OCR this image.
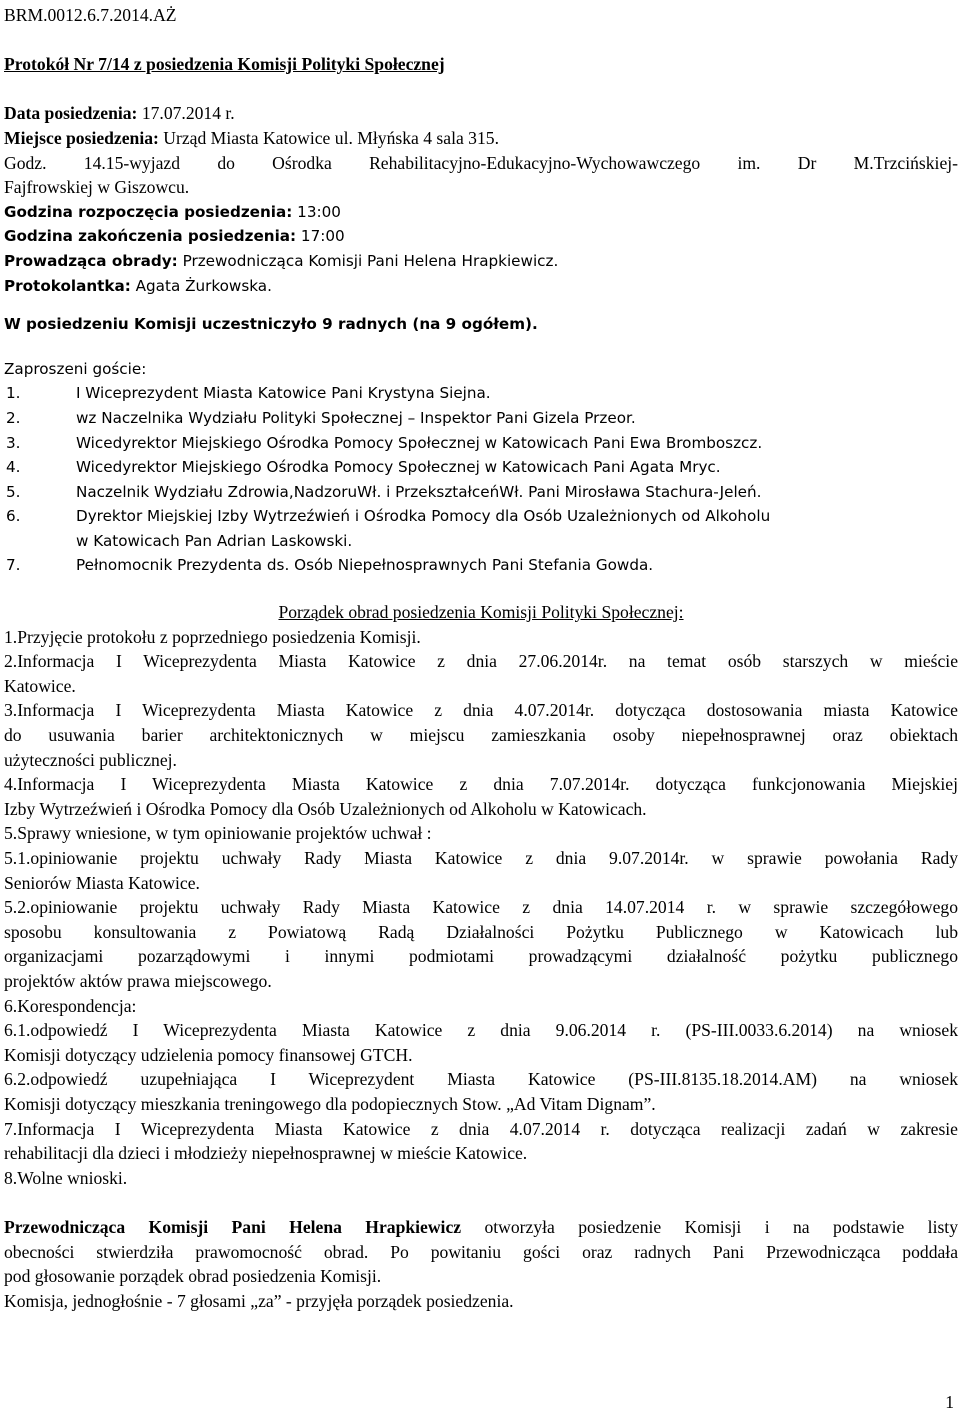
BRM.0012.6.7.2014.AŻ
Protokół Nr 7/14 z posiedzenia Komisji Polityki Społecznej
Data posiedzenia: 17.07.2014 r.
Miejsce posiedzenia: Urząd Miasta Katowice ul. Młyńska 4 sala 315.
Godz. 14.15-wyjazd do Ośrodka Rehabilitacyjno-Edukacyjno-Wychowawczego im. Dr M.Trzcińskiej-
Fajfrowskiej w Giszowcu.
Godzina rozpoczęcia posiedzenia: 13:00
Godzina zakończenia posiedzenia: 17:00
Prowadząca obrady: Przewodnicząca Komisji Pani Helena Hrapkiewicz.
Protokolantka: Agata Żurkowska.
W posiedzeniu Komisji uczestniczyło 9 radnych (na 9 ogółem).
Zaproszeni goście:
1.	I Wiceprezydent Miasta Katowice Pani Krystyna Siejna.
2.	wz Naczelnika Wydziału Polityki Społecznej – Inspektor Pani Gizela Przeor.
3.	Wicedyrektor Miejskiego Ośrodka Pomocy Społecznej w Katowicach Pani Ewa Bromboszcz.
4.	Wicedyrektor Miejskiego Ośrodka Pomocy Społecznej w Katowicach Pani Agata Mryc.
5.	Naczelnik Wydziału Zdrowia,NadzoruWł. i PrzekształceńWł. Pani Mirosława Stachura-Jeleń.
6.	Dyrektor Miejskiej Izby Wytrzeźwień i Ośrodka Pomocy dla Osób Uzależnionych od Alkoholu
w Katowicach Pan Adrian Laskowski.
7.	Pełnomocnik Prezydenta ds. Osób Niepełnosprawnych Pani Stefania Gowda.
Porządek obrad posiedzenia Komisji Polityki Społecznej:
1.Przyjęcie protokołu z poprzedniego posiedzenia Komisji.
2.Informacja I Wiceprezydenta Miasta Katowice z dnia 27.06.2014r. na temat osób starszych w mieście
Katowice.
3.Informacja I Wiceprezydenta Miasta Katowice z dnia 4.07.2014r. dotycząca dostosowania miasta Katowice
do usuwania barier architektonicznych w miejscu zamieszkania osoby niepełnosprawnej oraz obiektach
użyteczności publicznej.
4.Informacja I Wiceprezydenta Miasta Katowice z dnia 7.07.2014r. dotycząca funkcjonowania Miejskiej
Izby Wytrzeźwień i Ośrodka Pomocy dla Osób Uzależnionych od Alkoholu w Katowicach.
5.Sprawy wniesione, w tym opiniowanie projektów uchwał :
5.1.opiniowanie projektu uchwały Rady Miasta Katowice z dnia 9.07.2014r. w sprawie powołania Rady
Seniorów Miasta Katowice.
5.2.opiniowanie projektu uchwały Rady Miasta Katowice z dnia 14.07.2014 r. w sprawie szczegółowego
sposobu konsultowania z Powiatową Radą Działalności Pożytku Publicznego w Katowicach lub
organizacjami pozarządowymi i innymi podmiotami prowadzącymi działalność pożytku publicznego
projektów aktów prawa miejscowego.
6.Korespondencja:
6.1.odpowiedź I Wiceprezydenta Miasta Katowice z dnia 9.06.2014 r. (PS-III.0033.6.2014) na wniosek
Komisji dotyczący udzielenia pomocy finansowej GTCH.
6.2.odpowiedź uzupełniająca I Wiceprezydent Miasta Katowice (PS-III.8135.18.2014.AM) na wniosek
Komisji dotyczący mieszkania treningowego dla podopiecznych Stow. „Ad Vitam Dignam”.
7.Informacja I Wiceprezydenta Miasta Katowice z dnia 4.07.2014 r. dotycząca realizacji zadań w zakresie
rehabilitacji dla dzieci i młodzieży niepełnosprawnej w mieście Katowice.
8.Wolne wnioski.
Przewodnicząca Komisji Pani Helena Hrapkiewicz otworzyła posiedzenie Komisji i na podstawie listy
obecności stwierdziła prawomocność obrad. Po powitaniu gości oraz radnych Pani Przewodnicząca poddała
pod głosowanie porządek obrad posiedzenia Komisji.
Komisja, jednogłośnie - 7 głosami „za” - przyjęła porządek posiedzenia.
1
